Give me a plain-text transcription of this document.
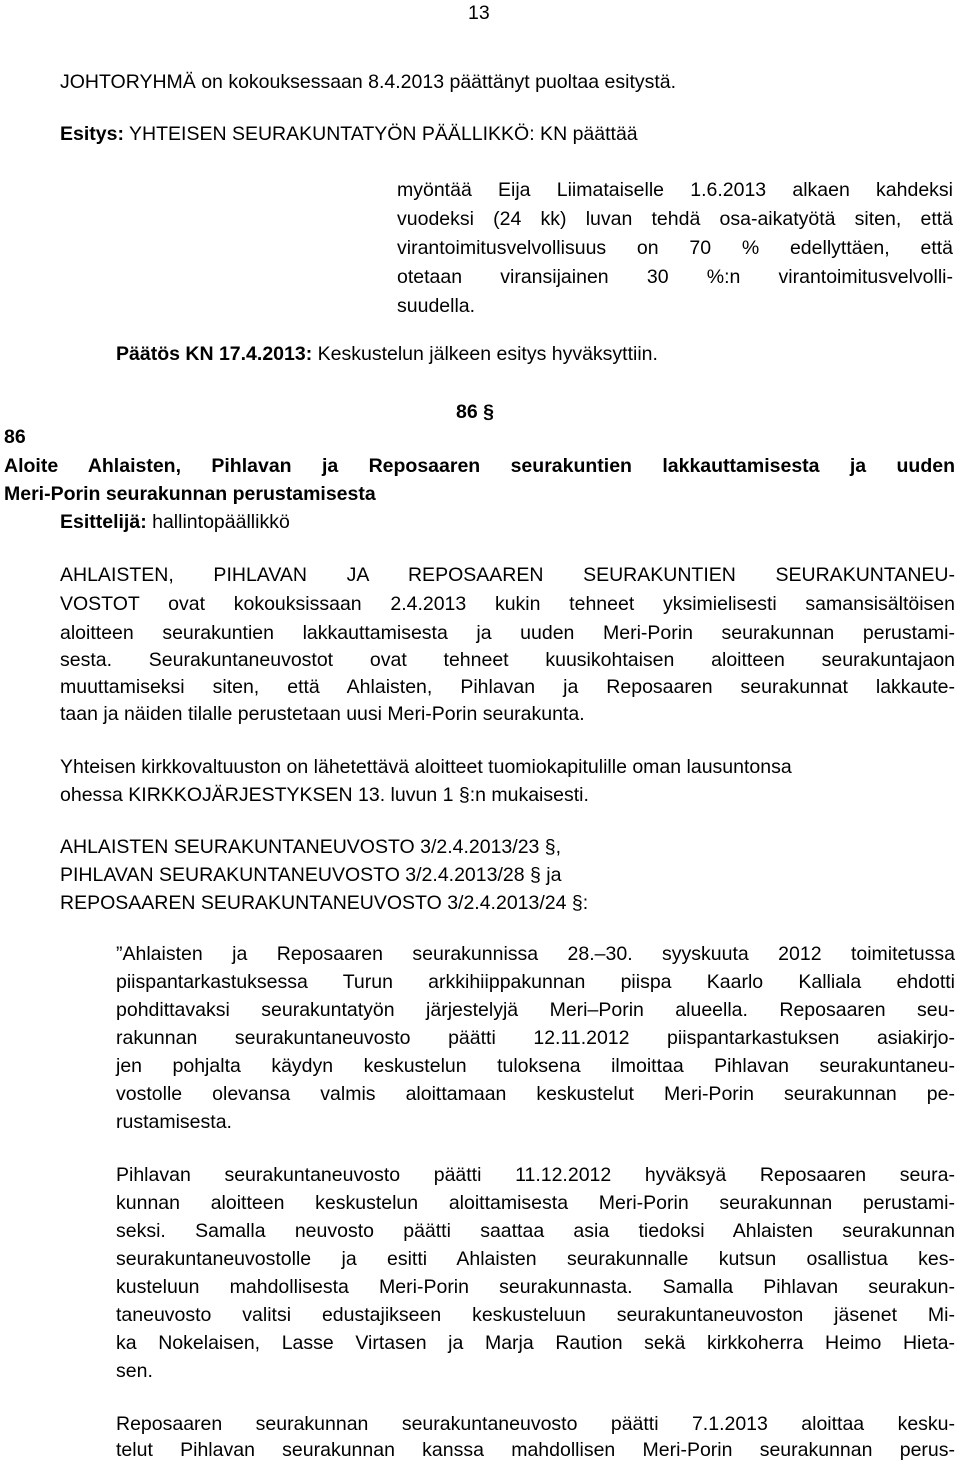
13
JOHTORYHMÄ on kokouksessaan 8.4.2013 päättänyt puoltaa esitystä.
Esitys: YHTEISEN SEURAKUNTATYÖN PÄÄLLIKKÖ: KN päättää
myöntää Eija Liimataiselle 1.6.2013 alkaen kahdeksi
vuodeksi (24 kk) luvan tehdä osa-aikatyötä siten, että
virantoimitusvelvollisuus on 70 % edellyttäen, että
otetaan viransijainen 30 %:n virantoimitusvelvolli-
suudella.
Päätös KN 17.4.2013: Keskustelun jälkeen esitys hyväksyttiin.
86 §
86
Aloite Ahlaisten, Pihlavan ja Reposaaren seurakuntien lakkauttamisesta ja uuden
Meri-Porin seurakunnan perustamisesta
Esittelijä: hallintopäällikkö
AHLAISTEN, PIHLAVAN JA REPOSAAREN SEURAKUNTIEN SEURAKUNTANEU-
VOSTOT ovat kokouksissaan 2.4.2013 kukin tehneet yksimielisesti samansisältöisen
aloitteen seurakuntien lakkauttamisesta ja uuden Meri-Porin seurakunnan perustami-
sesta. Seurakuntaneuvostot ovat tehneet kuusikohtaisen aloitteen seurakuntajaon
muuttamiseksi siten, että Ahlaisten, Pihlavan ja Reposaaren seurakunnat lakkaute-
taan ja näiden tilalle perustetaan uusi Meri-Porin seurakunta.
Yhteisen kirkkovaltuuston on lähetettävä aloitteet tuomiokapitulille oman lausuntonsa
ohessa KIRKKOJÄRJESTYKSEN 13. luvun 1 §:n mukaisesti.
AHLAISTEN SEURAKUNTANEUVOSTO 3/2.4.2013/23 §,
PIHLAVAN SEURAKUNTANEUVOSTO 3/2.4.2013/28 § ja
REPOSAAREN SEURAKUNTANEUVOSTO 3/2.4.2013/24 §:
”Ahlaisten ja Reposaaren seurakunnissa 28.–30. syyskuuta 2012 toimitetussa
piispantarkastuksessa Turun arkkihiippakunnan piispa Kaarlo Kalliala ehdotti
pohdittavaksi seurakuntatyön järjestelyjä Meri–Porin alueella. Reposaaren seu-
rakunnan seurakuntaneuvosto päätti 12.11.2012 piispantarkastuksen asiakirjo-
jen pohjalta käydyn keskustelun tuloksena ilmoittaa Pihlavan seurakuntaneu-
vostolle olevansa valmis aloittamaan keskustelut Meri-Porin seurakunnan pe-
rustamisesta.
Pihlavan seurakuntaneuvosto päätti 11.12.2012 hyväksyä Reposaaren seura-
kunnan aloitteen keskustelun aloittamisesta Meri-Porin seurakunnan perustami-
seksi. Samalla neuvosto päätti saattaa asia tiedoksi Ahlaisten seurakunnan
seurakuntaneuvostolle ja esitti Ahlaisten seurakunnalle kutsun osallistua kes-
kusteluun mahdollisesta Meri-Porin seurakunnasta. Samalla Pihlavan seurakun-
taneuvosto valitsi edustajikseen keskusteluun seurakuntaneuvoston jäsenet Mi-
ka Nokelaisen, Lasse Virtasen ja Marja Raution sekä kirkkoherra Heimo Hieta-
sen.
Reposaaren seurakunnan seurakuntaneuvosto päätti 7.1.2013 aloittaa kesku-
telut Pihlavan seurakunnan kanssa mahdollisen Meri-Porin seurakunnan perus-
